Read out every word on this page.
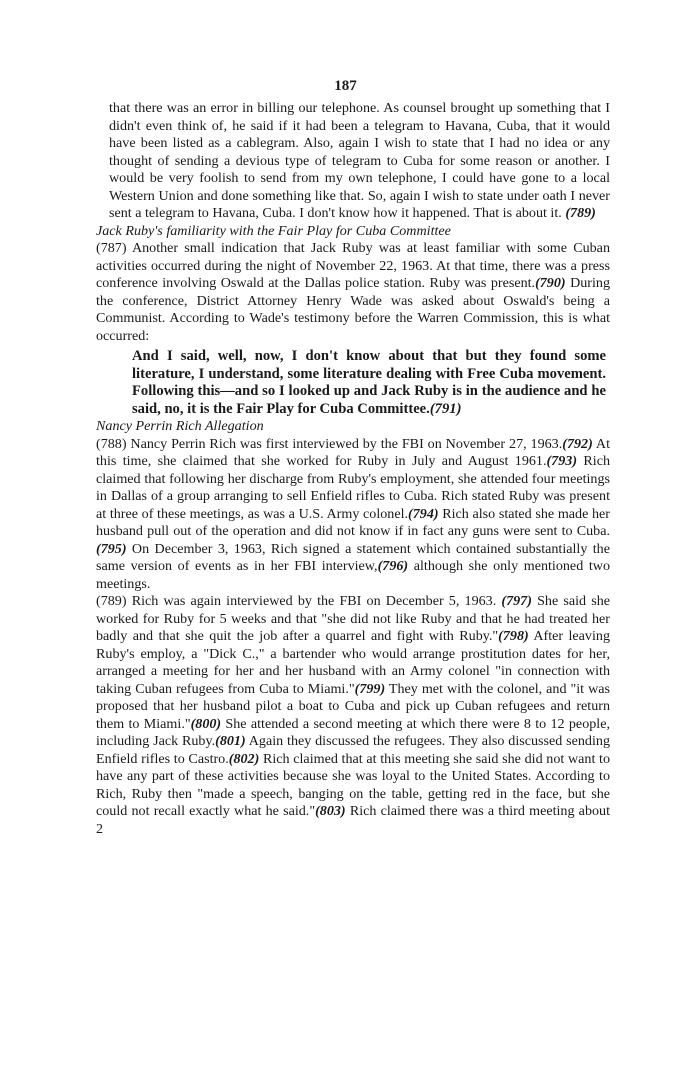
187

that there was an error in billing our telephone. As counsel brought up something that I didn't even think of, he said if it had been a telegram to Havana, Cuba, that it would have been listed as a cablegram. Also, again I wish to state that I had no idea or any thought of sending a devious type of telegram to Cuba for some reason or another. I would be very foolish to send from my own telephone, I could have gone to a local Western Union and done something like that. So, again I wish to state under oath I never sent a telegram to Havana, Cuba. I don't know how it happened. That is about it. (789)

Jack Ruby's familiarity with the Fair Play for Cuba Committee

(787) Another small indication that Jack Ruby was at least familiar with some Cuban activities occurred during the night of November 22, 1963. At that time, there was a press conference involving Oswald at the Dallas police station. Ruby was present.(790) During the conference, District Attorney Henry Wade was asked about Oswald's being a Communist. According to Wade's testimony before the Warren Commission, this is what occurred:

And I said, well, now, I don't know about that but they found some literature, I understand, some literature dealing with Free Cuba movement. Following this—and so I looked up and Jack Ruby is in the audience and he said, no, it is the Fair Play for Cuba Committee.(791)

Nancy Perrin Rich Allegation

(788) Nancy Perrin Rich was first interviewed by the FBI on November 27, 1963.(792) At this time, she claimed that she worked for Ruby in July and August 1961.(793) Rich claimed that following her discharge from Ruby's employment, she attended four meetings in Dallas of a group arranging to sell Enfield rifles to Cuba. Rich stated Ruby was present at three of these meetings, as was a U.S. Army colonel.(794) Rich also stated she made her husband pull out of the operation and did not know if in fact any guns were sent to Cuba.(795) On December 3, 1963, Rich signed a statement which contained substantially the same version of events as in her FBI interview,(796) although she only mentioned two meetings.

(789) Rich was again interviewed by the FBI on December 5, 1963. (797) She said she worked for Ruby for 5 weeks and that "she did not like Ruby and that he had treated her badly and that she quit the job after a quarrel and fight with Ruby."(798) After leaving Ruby's employ, a "Dick C.," a bartender who would arrange prostitution dates for her, arranged a meeting for her and her husband with an Army colonel "in connection with taking Cuban refugees from Cuba to Miami."(799) They met with the colonel, and "it was proposed that her husband pilot a boat to Cuba and pick up Cuban refugees and return them to Miami."(800) She attended a second meeting at which there were 8 to 12 people, including Jack Ruby.(801) Again they discussed the refugees. They also discussed sending Enfield rifles to Castro.(802) Rich claimed that at this meeting she said she did not want to have any part of these activities because she was loyal to the United States. According to Rich, Ruby then "made a speech, banging on the table, getting red in the face, but she could not recall exactly what he said."(803) Rich claimed there was a third meeting about 2
